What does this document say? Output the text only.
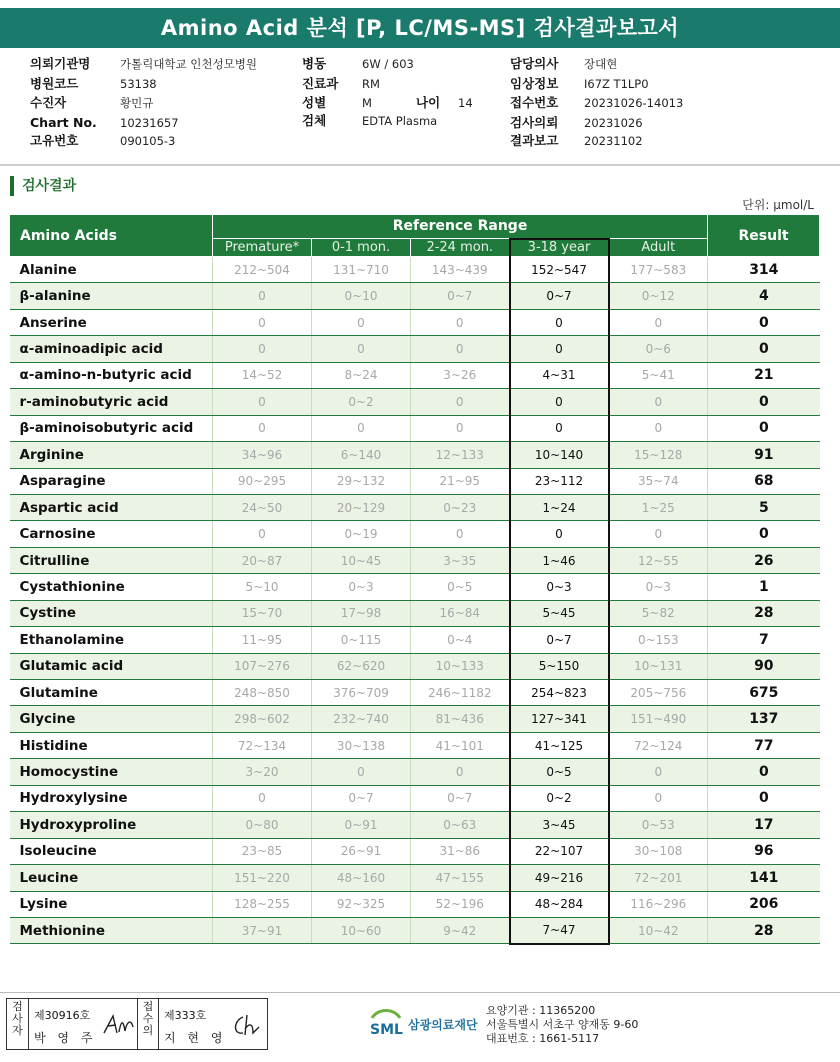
Amino Acid 분석 [P, LC/MS-MS] 검사결과보고서
의뢰기관명	가톨릭대학교 인천성모병원
병원코드	53138
수진자	황민규
Chart No. 10231657
고유번호	090105-3
병동	6W / 603
진료과 RM
성별	M	나이 14
검체	EDTA Plasma
담당의사 장대현
임상정보 I67Z T1LP0
접수번호 20231026-14013
검사의뢰 20231026
결과보고 20231102
검사결과
단위: μmol/L
Amino Acids	Reference Range					Result
	Premature*	0-1 mon.	2-24 mon.	3-18 year	Adult	
Alanine	212~504	131~710	143~439	152~547	177~583	314
β-alanine	0	0~10	0~7	0~7	0~12	4
Anserine	0	0	0	0	0	0
α-aminoadipic acid	0	0	0	0	0~6	0
α-amino-n-butyric acid	14~52	8~24	3~26	4~31	5~41	21
r-aminobutyric acid	0	0~2	0	0	0	0
β-aminoisobutyric acid	0	0	0	0	0	0
Arginine	34~96	6~140	12~133	10~140	15~128	91
Asparagine	90~295	29~132	21~95	23~112	35~74	68
Aspartic acid	24~50	20~129	0~23	1~24	1~25	5
Carnosine	0	0~19	0	0	0	0
Citrulline	20~87	10~45	3~35	1~46	12~55	26
Cystathionine	5~10	0~3	0~5	0~3	0~3	1
Cystine	15~70	17~98	16~84	5~45	5~82	28
Ethanolamine	11~95	0~115	0~4	0~7	0~153	7
Glutamic acid	107~276	62~620	10~133	5~150	10~131	90
Glutamine	248~850	376~709	246~1182	254~823	205~756	675
Glycine	298~602	232~740	81~436	127~341	151~490	137
Histidine	72~134	30~138	41~101	41~125	72~124	77
Homocystine	3~20	0	0	0~5	0	0
Hydroxylysine	0	0~7	0~7	0~2	0	0
Hydroxyproline	0~80	0~91	0~63	3~45	0~53	17
Isoleucine	23~85	26~91	31~86	22~107	30~108	96
Leucine	151~220	48~160	47~155	49~216	72~201	141
Lysine	128~255	92~325	52~196	48~284	116~296	206
Methionine	37~91	10~60	9~42	7~47	10~42	28
검사자
제30916호
박 영 주
접수의
제333호
지 현 영	SML 삼광의료재단
요양기관 : 11365200
서울특별시 서초구 양재동 9-60
대표번호 : 1661-5117
